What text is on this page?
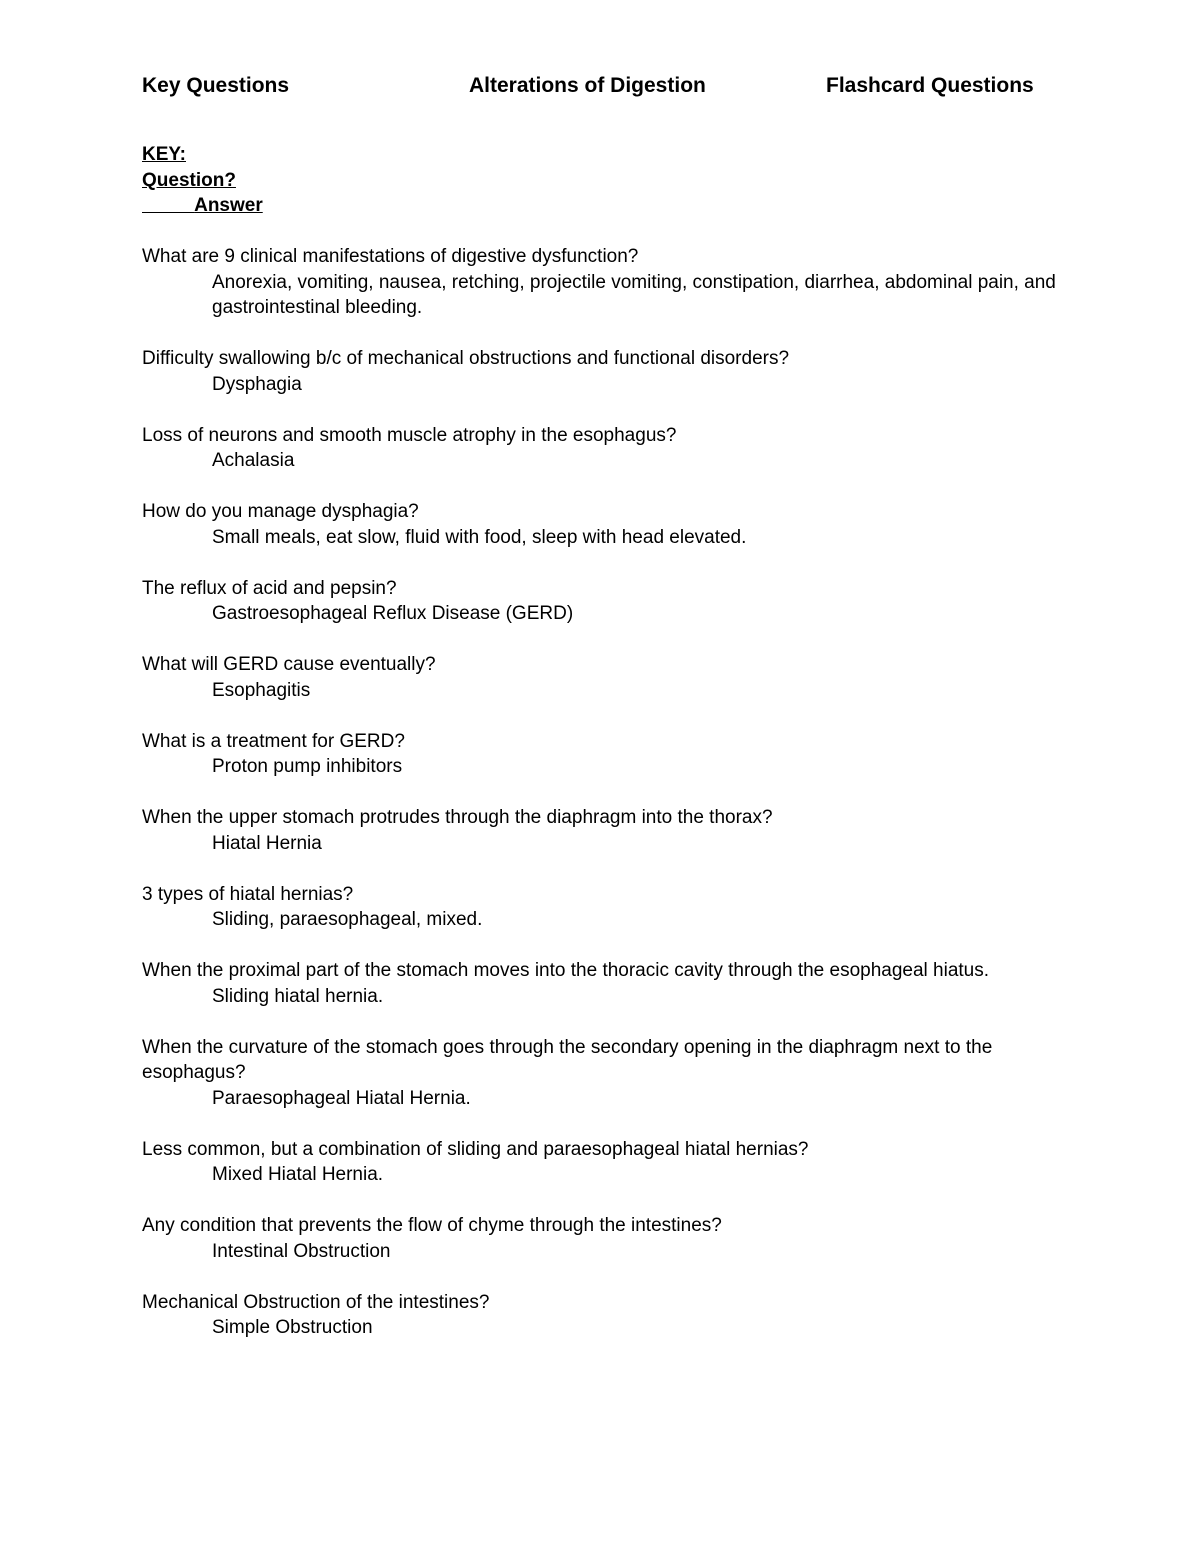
Key Questions	Alterations of Digestion	Flashcard Questions
KEY:
Question?
Answer
What are 9 clinical manifestations of digestive dysfunction?
Anorexia, vomiting, nausea, retching, projectile vomiting, constipation, diarrhea, abdominal pain, and gastrointestinal bleeding.
Difficulty swallowing b/c of mechanical obstructions and functional disorders?
Dysphagia
Loss of neurons and smooth muscle atrophy in the esophagus?
Achalasia
How do you manage dysphagia?
Small meals, eat slow, fluid with food, sleep with head elevated.
The reflux of acid and pepsin?
Gastroesophageal Reflux Disease (GERD)
What will GERD cause eventually?
Esophagitis
What is a treatment for GERD?
Proton pump inhibitors
When the upper stomach protrudes through the diaphragm into the thorax?
Hiatal Hernia
3 types of hiatal hernias?
Sliding, paraesophageal, mixed.
When the proximal part of the stomach moves into the thoracic cavity through the esophageal hiatus.
Sliding hiatal hernia.
When the curvature of the stomach goes through the secondary opening in the diaphragm next to the esophagus?
Paraesophageal Hiatal Hernia.
Less common, but a combination of sliding and paraesophageal hiatal hernias?
Mixed Hiatal Hernia.
Any condition that prevents the flow of chyme through the intestines?
Intestinal Obstruction
Mechanical Obstruction of the intestines?
Simple Obstruction
